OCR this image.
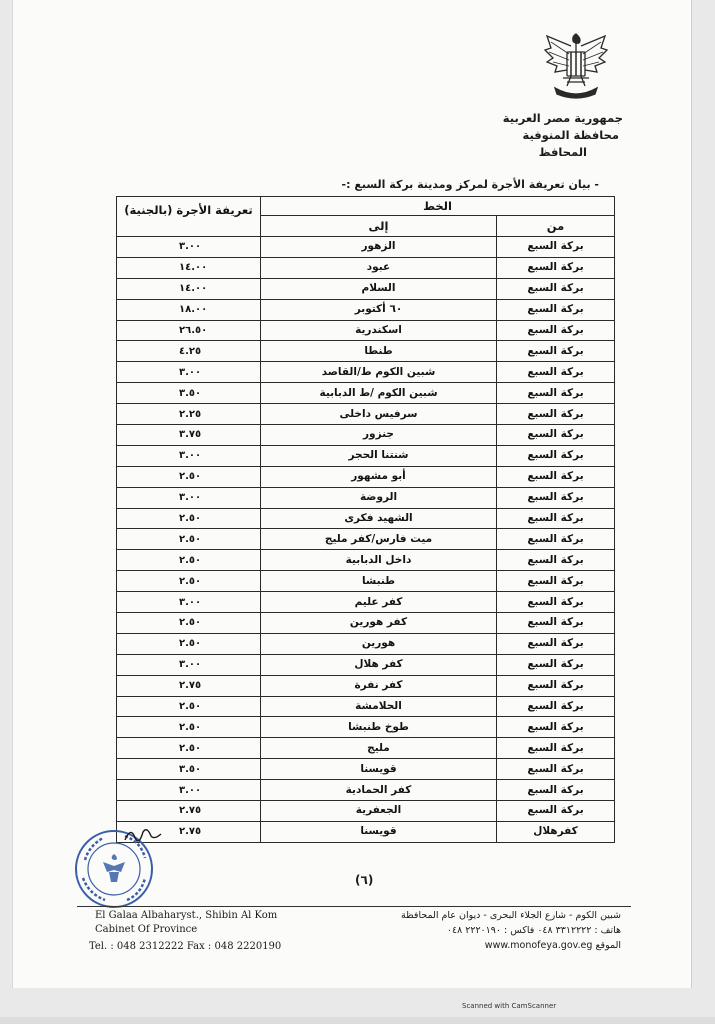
جمهورية مصر العربية
محافظة المنوفية
المحافظ
- بيان تعريفة الأجرة لمركز ومدينة بركة السبع :-
الخط		تعريفة الأجرة (بالجنية)
من	إلى	
بركة السبع	الزهور	٣.٠٠
بركة السبع	عبود	١٤.٠٠
بركة السبع	السلام	١٤.٠٠
بركة السبع	٦٠ أكتوبر	١٨.٠٠
بركة السبع	اسكندرية	٢٦.٥٠
بركة السبع	طنطا	٤.٢٥
بركة السبع	شبين الكوم ط/القاصد	٣.٠٠
بركة السبع	شبين الكوم /ط الدبابية	٣.٥٠
بركة السبع	سرفيس داخلى	٢.٢٥
بركة السبع	جنزور	٣.٧٥
بركة السبع	شنتنا الحجر	٣.٠٠
بركة السبع	أبو مشهور	٢.٥٠
بركة السبع	الروضة	٣.٠٠
بركة السبع	الشهيد فكرى	٢.٥٠
بركة السبع	ميت فارس/كفر مليج	٢.٥٠
بركة السبع	داخل الدبابية	٢.٥٠
بركة السبع	طنبشا	٢.٥٠
بركة السبع	كفر عليم	٣.٠٠
بركة السبع	كفر هورين	٢.٥٠
بركة السبع	هورين	٢.٥٠
بركة السبع	كفر هلال	٣.٠٠
بركة السبع	كفر نفرة	٢.٧٥
بركة السبع	الحلامشة	٢.٥٠
بركة السبع	طوخ طنبشا	٢.٥٠
بركة السبع	مليج	٢.٥٠
بركة السبع	قويسنا	٣.٥٠
بركة السبع	كفر الحمادية	٣.٠٠
بركة السبع	الجعفرية	٢.٧٥
كفرهلال	قويسنا	٢.٧٥
(٦)
El Galaa Albaharyst., Shibin Al Kom
Cabinet Of Province
Tel. : 048 2312222 Fax : 048 2220190
شبين الكوم - شارع الجلاء البحرى - ديوان عام المحافظة
هاتف : ٣٣١٢٢٢٢ ٠٤٨ فاكس : ٢٢٢٠١٩٠ ٠٤٨
www.monofeya.gov.eg الموقع
Scanned with CamScanner
